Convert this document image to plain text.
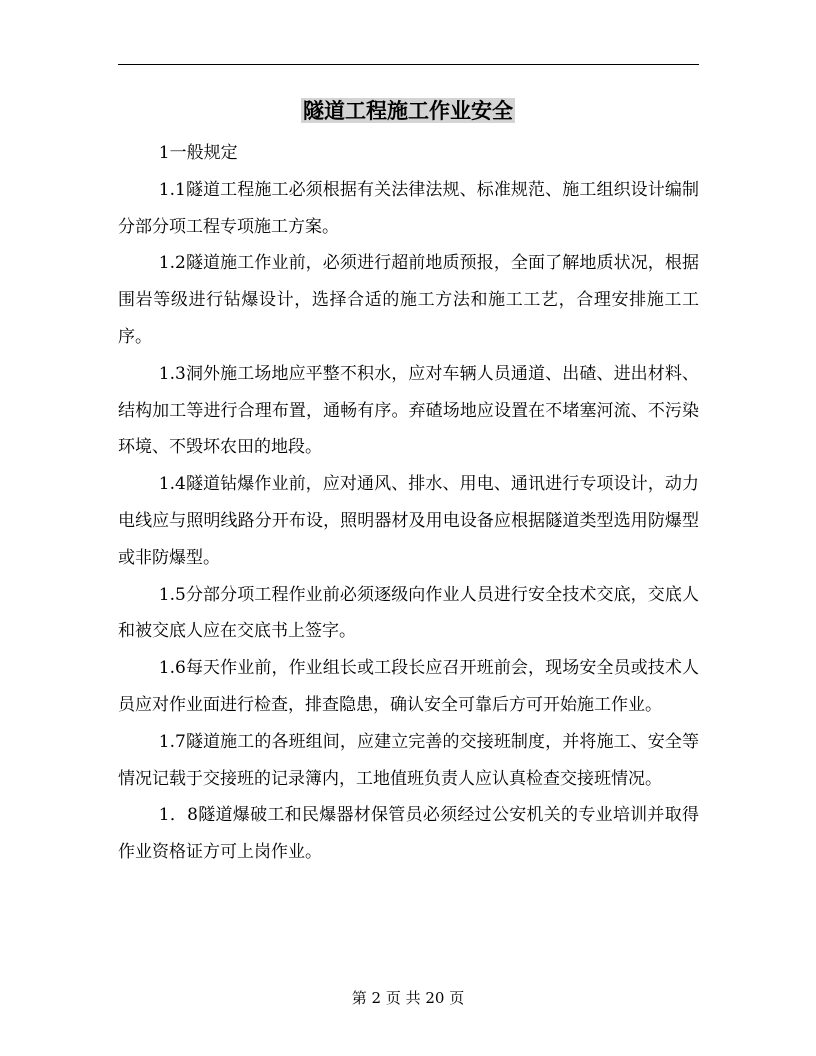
隧道工程施工作业安全

1一般规定

1.1隧道工程施工必须根据有关法律法规、标准规范、施工组织设计编制分部分项工程专项施工方案。

1.2隧道施工作业前，必须进行超前地质预报，全面了解地质状况，根据围岩等级进行钻爆设计，选择合适的施工方法和施工工艺，合理安排施工工序。

1.3洞外施工场地应平整不积水，应对车辆人员通道、出碴、进出材料、结构加工等进行合理布置，通畅有序。弃碴场地应设置在不堵塞河流、不污染环境、不毁坏农田的地段。

1.4隧道钻爆作业前，应对通风、排水、用电、通讯进行专项设计，动力电线应与照明线路分开布设，照明器材及用电设备应根据隧道类型选用防爆型或非防爆型。

1.5分部分项工程作业前必须逐级向作业人员进行安全技术交底，交底人和被交底人应在交底书上签字。

1.6每天作业前，作业组长或工段长应召开班前会，现场安全员或技术人员应对作业面进行检查，排查隐患，确认安全可靠后方可开始施工作业。

1.7隧道施工的各班组间，应建立完善的交接班制度，并将施工、安全等情况记载于交接班的记录簿内，工地值班负责人应认真检查交接班情况。

1．8隧道爆破工和民爆器材保管员必须经过公安机关的专业培训并取得作业资格证方可上岗作业。

第 2 页 共 20 页
